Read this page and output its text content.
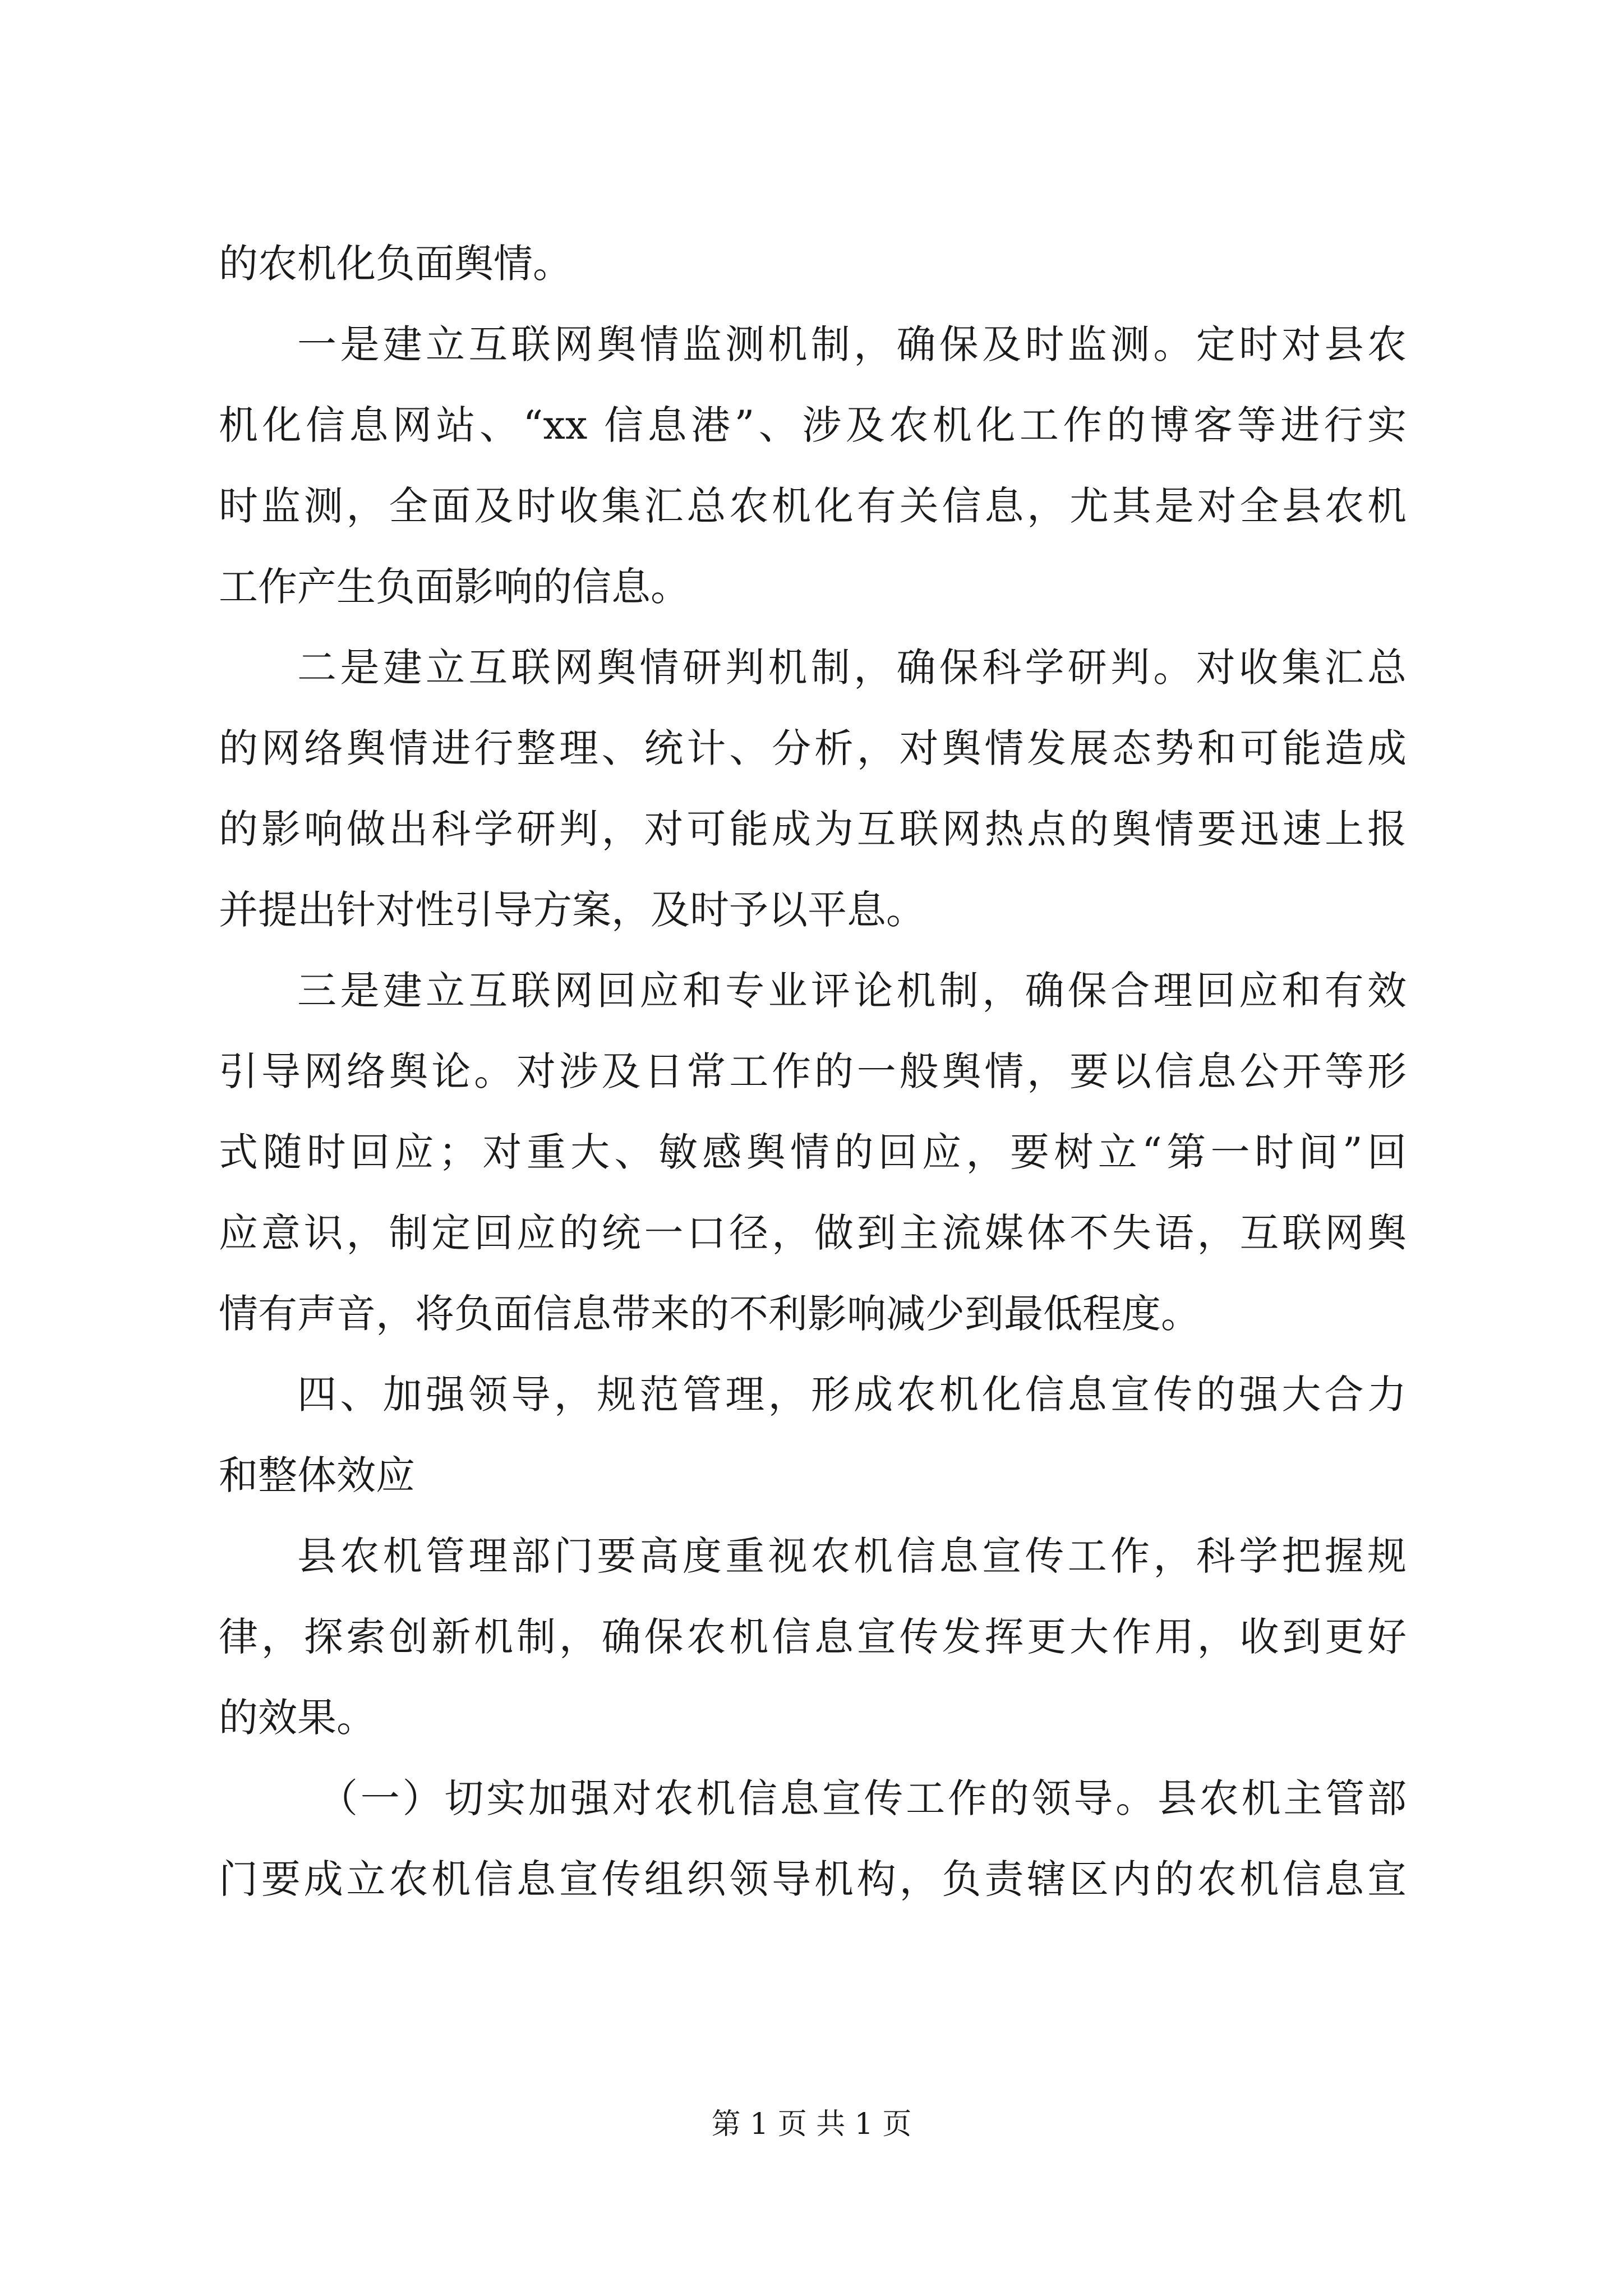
的农机化负面舆情。
一是建立互联网舆情监测机制，确保及时监测。定时对县农
机化信息网站、“xx 信息港”、涉及农机化工作的博客等进行实
时监测，全面及时收集汇总农机化有关信息，尤其是对全县农机
工作产生负面影响的信息。
二是建立互联网舆情研判机制，确保科学研判。对收集汇总
的网络舆情进行整理、统计、分析，对舆情发展态势和可能造成
的影响做出科学研判，对可能成为互联网热点的舆情要迅速上报
并提出针对性引导方案，及时予以平息。
三是建立互联网回应和专业评论机制，确保合理回应和有效
引导网络舆论。对涉及日常工作的一般舆情，要以信息公开等形
式随时回应；对重大、敏感舆情的回应，要树立“第一时间”回
应意识，制定回应的统一口径，做到主流媒体不失语，互联网舆
情有声音，将负面信息带来的不利影响减少到最低程度。
四、加强领导，规范管理，形成农机化信息宣传的强大合力
和整体效应
县农机管理部门要高度重视农机信息宣传工作，科学把握规
律，探索创新机制，确保农机信息宣传发挥更大作用，收到更好
的效果。
（一）切实加强对农机信息宣传工作的领导。县农机主管部
门要成立农机信息宣传组织领导机构，负责辖区内的农机信息宣
第 1 页 共 1 页
